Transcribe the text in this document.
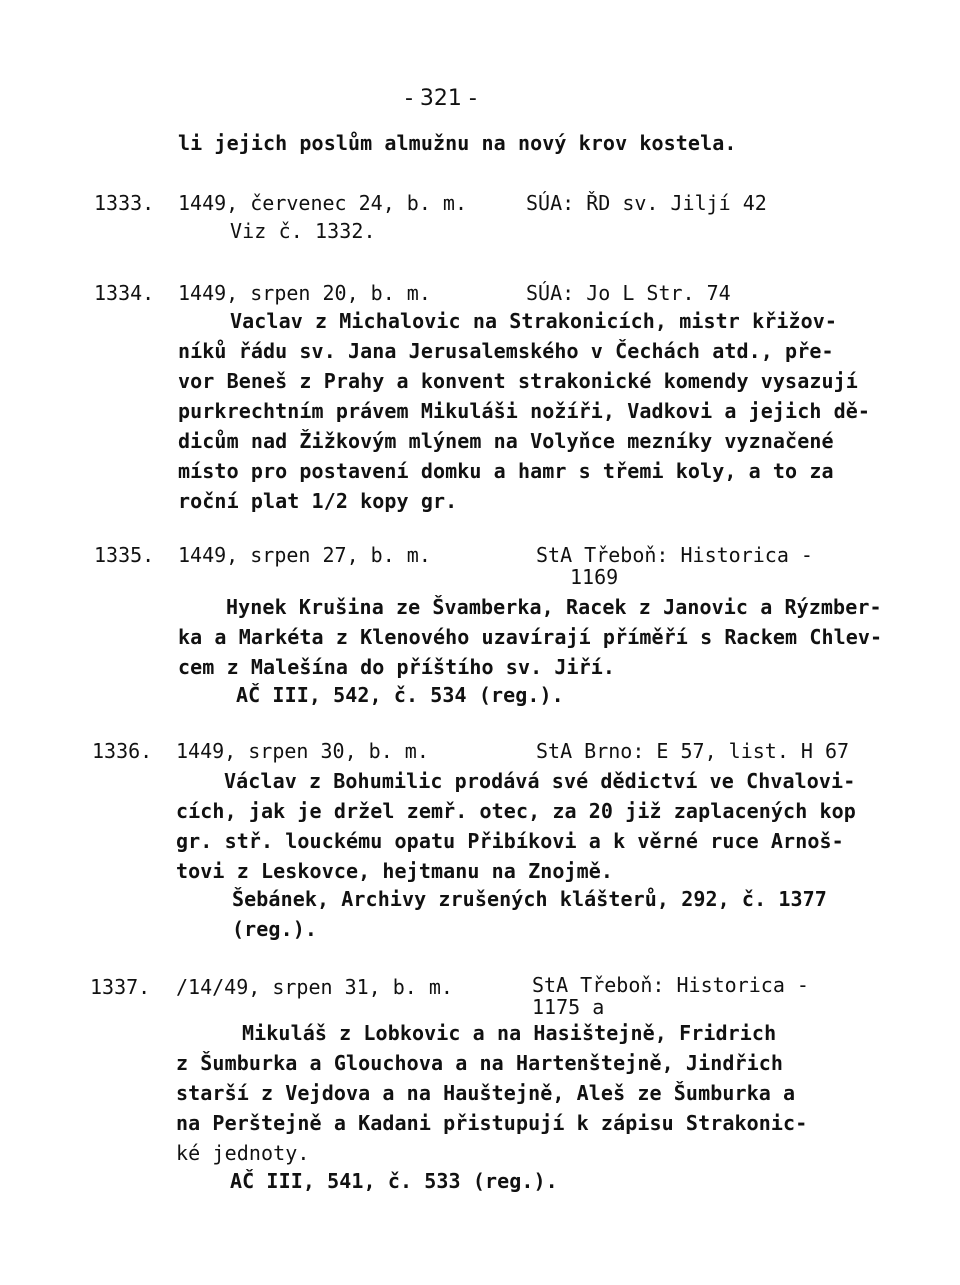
- 321 -
li jejich poslům almužnu na nový krov kostela.
1333. 1449, červenec 24, b. m.	SÚA: ŘD sv. Jiljí 42
Viz č. 1332.
1334. 1449, srpen 20, b. m.	SÚA: Jo L Str. 74
Vaclav z Michalovic na Strakonicích, mistr křižov-
níků řádu sv. Jana Jerusalemského v Čechách atd., pře-
vor Beneš z Prahy a konvent strakonické komendy vysazují
purkrechtním právem Mikuláši nožíři, Vadkovi a jejich dě-
dicům nad Žižkovým mlýnem na Volyňce mezníky vyznačené
místo pro postavení domku a hamr s třemi koly, a to za
roční plat 1/2 kopy gr.
1335. 1449, srpen 27, b. m.	StA Třeboň: Historica -
1169
Hynek Krušina ze Švamberka, Racek z Janovic a Rýzmber-
ka a Markéta z Klenového uzavírají příměří s Rackem Chlev-
cem z Malešína do příštího sv. Jiří.
AČ III, 542, č. 534 (reg.).
1336. 1449, srpen 30, b. m.	StA Brno: E 57, list. H 67
Václav z Bohumilic prodává své dědictví ve Chvalovi-
cích, jak je držel zemř. otec, za 20 již zaplacených kop
gr. stř. louckému opatu Přibíkovi a k věrné ruce Arnoš-
tovi z Leskovce, hejtmanu na Znojmě.
Šebánek, Archivy zrušených klášterů, 292, č. 1377
(reg.).
1337. /14/49, srpen 31, b. m.	StA Třeboň: Historica -
1175 a
Mikuláš z Lobkovic a na Hasištejně, Fridrich
z Šumburka a Glouchova a na Hartenštejně, Jindřich
starší z Vejdova a na Hauštejně, Aleš ze Šumburka a
na Perštejně a Kadani přistupují k zápisu Strakonic-
ké jednoty.
AČ III, 541, č. 533 (reg.).
